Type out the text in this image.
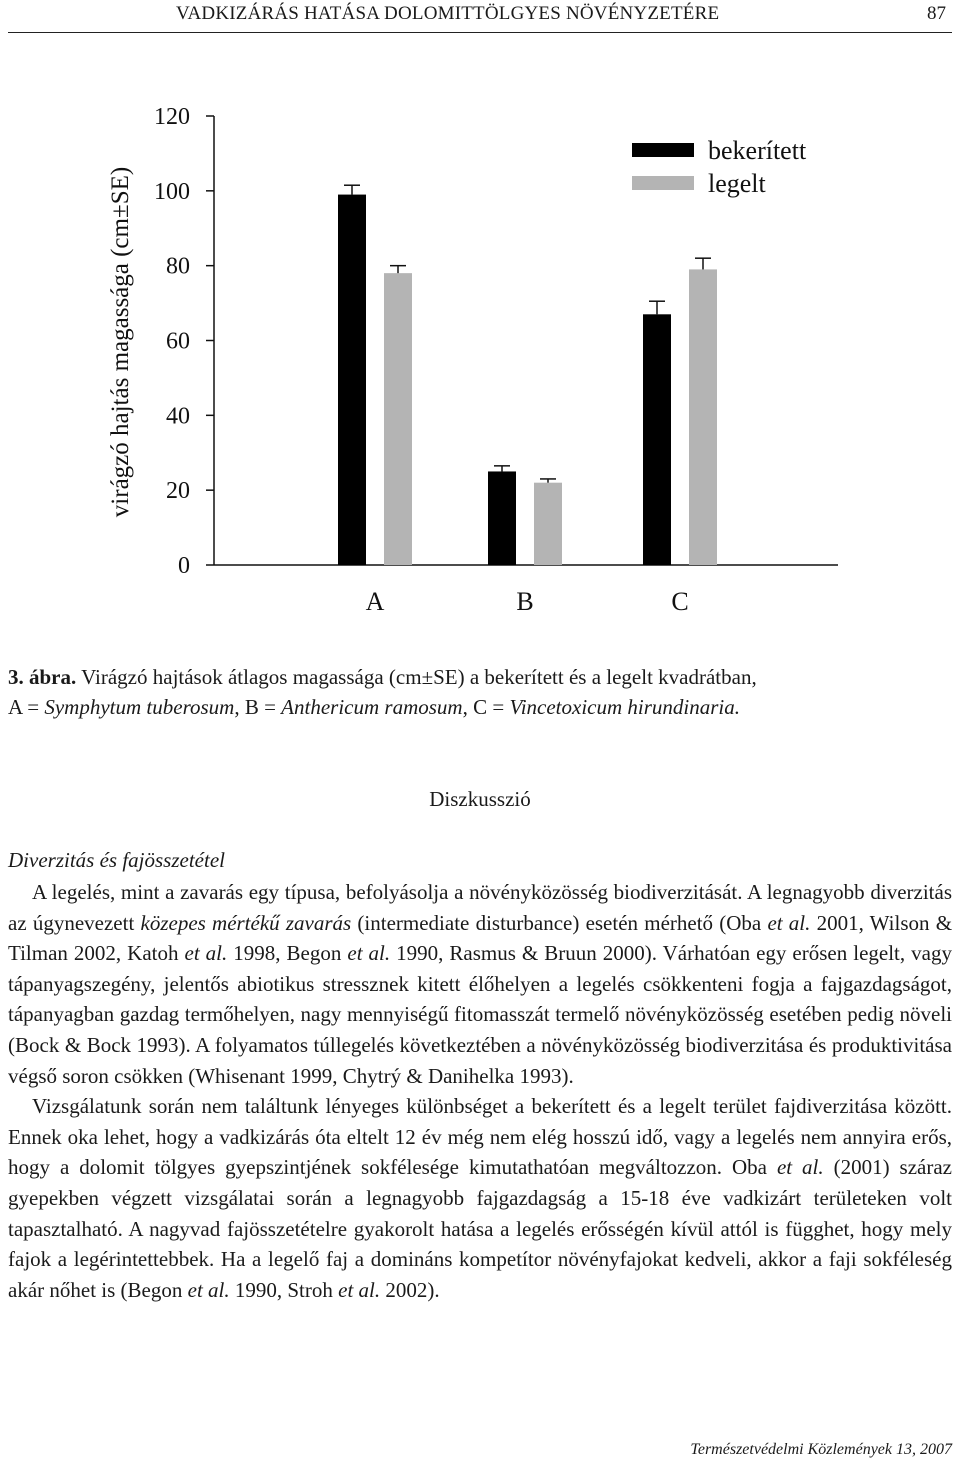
VADKIZÁRÁS HATÁSA DOLOMITTÖLGYES NÖVÉNYZETÉRE	87
0
20
40
60
80
100
120
A	B	C
virágzó hajtás magassága (cm±SE)
bekerített
legelt
3. ábra. Virágzó hajtások átlagos magassága (cm±SE) a bekerített és a legelt kvadrátban,
A = Symphytum tuberosum, B = Anthericum ramosum, C = Vincetoxicum hirundinaria.
Diszkusszió
Diverzitás és fajösszetétel

A legelés, mint a zavarás egy típusa, befolyásolja a növényközösség biodiverzitását. A legnagyobb diverzitás az úgynevezett közepes mértékű zavarás (intermediate disturbance) esetén mérhető (Oba et al. 2001, Wilson & Tilman 2002, Katoh et al. 1998, Begon et al. 1990, Rasmus & Bruun 2000). Várhatóan egy erősen legelt, vagy tápanyagszegény, jelentős abiotikus stressznek kitett élőhelyen a legelés csökkenteni fogja a fajgazdagságot, tápanyagban gazdag termőhelyen, nagy mennyiségű fitomasszát termelő növényközösség esetében pedig növeli (Bock & Bock 1993). A folyamatos túllegelés következtében a növényközösség biodiverzitása és produktivitása végső soron csökken (Whisenant 1999, Chytrý & Danihelka 1993).

Vizsgálatunk során nem találtunk lényeges különbséget a bekerített és a legelt terület fajdiverzitása között. Ennek oka lehet, hogy a vadkizárás óta eltelt 12 év még nem elég hosszú idő, vagy a legelés nem annyira erős, hogy a dolomit tölgyes gyepszintjének sokfélesége kimutathatóan megváltozzon. Oba et al. (2001) száraz gyepekben végzett vizsgálatai során a legnagyobb fajgazdagság a 15-18 éve vadkizárt területeken volt tapasztalható. A nagyvad fajösszetételre gyakorolt hatása a legelés erősségén kívül attól is függhet, hogy mely fajok a legérintettebbek. Ha a legelő faj a domináns kompetítor növényfajokat kedveli, akkor a faji sokféleség akár nőhet is (Begon et al. 1990, Stroh et al. 2002).

Természetvédelmi Közlemények 13, 2007
